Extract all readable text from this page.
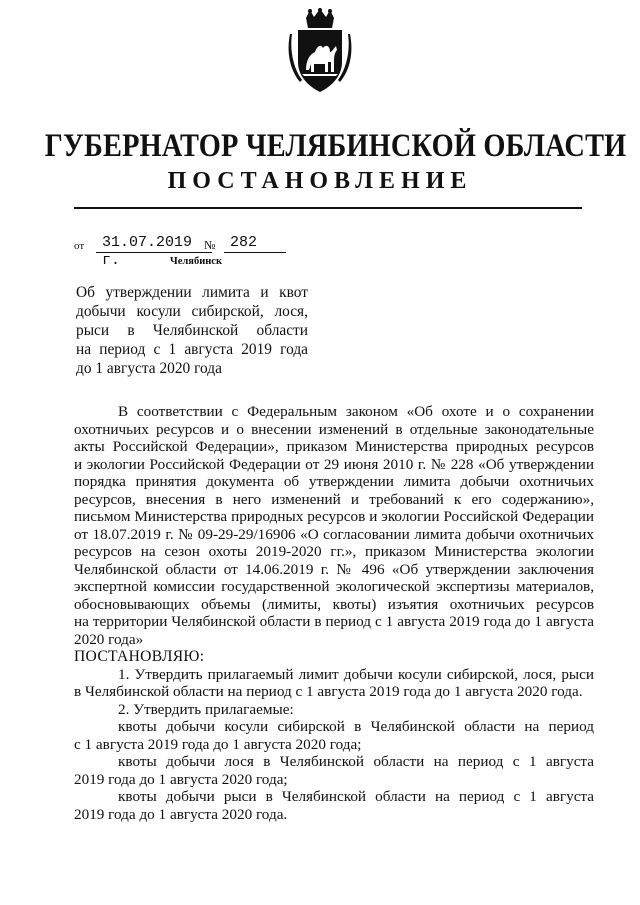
ГУБЕРНАТОР ЧЕЛЯБИНСКОЙ ОБЛАСТИ
ПОСТАНОВЛЕНИЕ
от	31.07.2019 г.
№ 282
Челябинск
Об утверждении лимита и квот
добычи косули сибирской, лося,
рыси в Челябинской области
на период с 1 августа 2019 года
до 1 августа 2020 года
В соответствии с Федеральным законом «Об охоте и о сохранении
охотничьих ресурсов и о внесении изменений в отдельные законодательные
акты Российской Федерации», приказом Министерства природных ресурсов
и экологии Российской Федерации от 29 июня 2010 г. № 228 «Об утверждении
порядка принятия документа об утверждении лимита добычи охотничьих
ресурсов, внесения в него изменений и требований к его содержанию»,
письмом Министерства природных ресурсов и экологии Российской Федерации
от 18.07.2019 г. № 09-29-29/16906 «О согласовании лимита добычи охотничьих
ресурсов на сезон охоты 2019-2020 гг.», приказом Министерства экологии
Челябинской области от 14.06.2019 г. № 496 «Об утверждении заключения
экспертной комиссии государственной экологической экспертизы материалов,
обосновывающих объемы (лимиты, квоты) изъятия охотничьих ресурсов
на территории Челябинской области в период с 1 августа 2019 года до 1 августа
2020 года»
ПОСТАНОВЛЯЮ:
1. Утвердить прилагаемый лимит добычи косули сибирской, лося, рыси
в Челябинской области на период с 1 августа 2019 года до 1 августа 2020 года.
2. Утвердить прилагаемые:
квоты добычи косули сибирской в Челябинской области на период
с 1 августа 2019 года до 1 августа 2020 года;
квоты добычи лося в Челябинской области на период с 1 августа
2019 года до 1 августа 2020 года;
квоты добычи рыси в Челябинской области на период с 1 августа
2019 года до 1 августа 2020 года.
